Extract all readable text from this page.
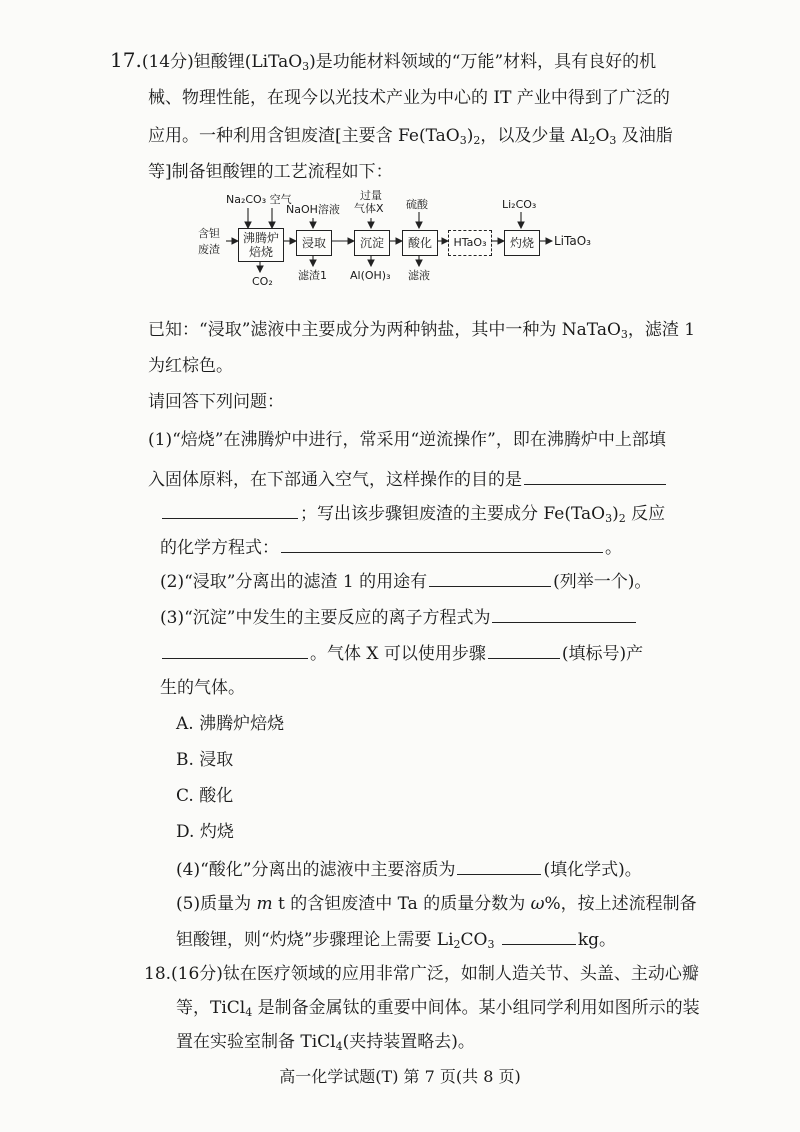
17.(14分)钽酸锂(LiTaO$_3$)是功能材料领域的“万能”材料，具有良好的机
械、物理性能，在现今以光技术产业为中心的 IT 产业中得到了广泛的
应用。一种利用含钽废渣[主要含 $Fe(TaO_3)_2$，以及少量 $Al_2O_3$ 及油脂
等]制备钽酸锂的工艺流程如下：
Na₂CO₃ 空气
NaOH溶液
过量
气体X 硫酸	Li₂CO₃
含钽
废渣
沸腾炉
焙烧
浸取	沉淀	酸化	HTaO₃	灼烧	LiTaO₃
CO₂ 滤渣1 Al(OH)₃ 滤液
已知：“浸取”滤液中主要成分为两种钠盐，其中一种为 NaTaO$_3$，滤渣 1
为红棕色。
请回答下列问题：
(1)“焙烧”在沸腾炉中进行，常采用“逆流操作”，即在沸腾炉中上部填
入固体原料，在下部通入空气，这样操作的目的是
；写出该步骤钽废渣的主要成分 $Fe(TaO_3)_2$ 反应
的化学方程式：	。
(2)“浸取”分离出的滤渣 1 的用途有	(列举一个)。
(3)“沉淀”中发生的主要反应的离子方程式为
。气体 X 可以使用步骤	(填标号)产
生的气体。
A. 沸腾炉焙烧
B. 浸取
C. 酸化
D. 灼烧
(4)“酸化”分离出的滤液中主要溶质为	(填化学式)。
(5)质量为 m t 的含钽废渣中 Ta 的质量分数为 ω%，按上述流程制备
钽酸锂，则“灼烧”步骤理论上需要 $Li_2CO_3$	kg。
18.(16分)钛在医疗领域的应用非常广泛，如制人造关节、头盖、主动心瓣
等，TiCl$_4$ 是制备金属钛的重要中间体。某小组同学利用如图所示的装
置在实验室制备 TiCl$_4$(夹持装置略去)。
高一化学试题(T) 第 7 页(共 8 页)
